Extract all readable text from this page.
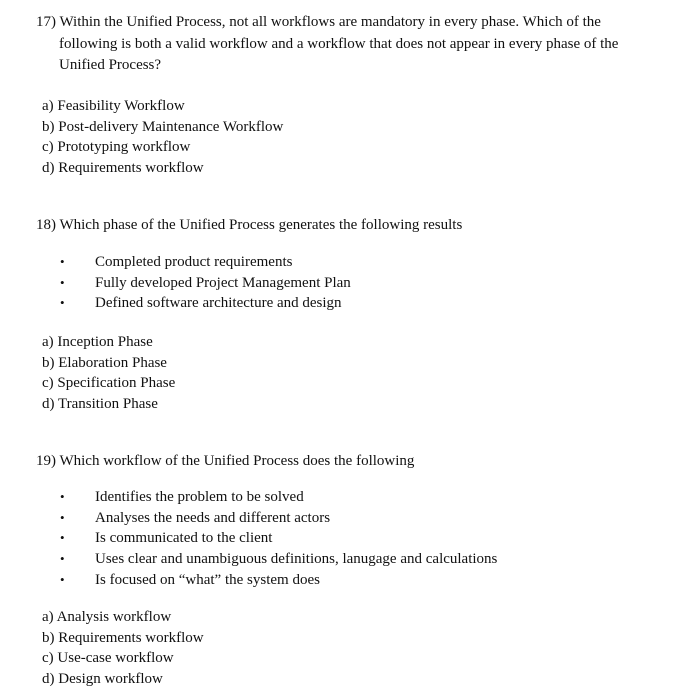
17) Within the Unified Process, not all workflows are mandatory in every phase. Which of the
following is both a valid workflow and a workflow that does not appear in every phase of the
Unified Process?
a) Feasibility Workflow
b) Post-delivery Maintenance Workflow
c) Prototyping workflow
d) Requirements workflow
18) Which phase of the Unified Process generates the following results
• Completed product requirements
• Fully developed Project Management Plan
• Defined software architecture and design
a) Inception Phase
b) Elaboration Phase
c) Specification Phase
d) Transition Phase
19) Which workflow of the Unified Process does the following
• Identifies the problem to be solved
• Analyses the needs and different actors
• Is communicated to the client
• Uses clear and unambiguous definitions, lanugage and calculations
• Is focused on “what” the system does
a) Analysis workflow
b) Requirements workflow
c) Use-case workflow
d) Design workflow
